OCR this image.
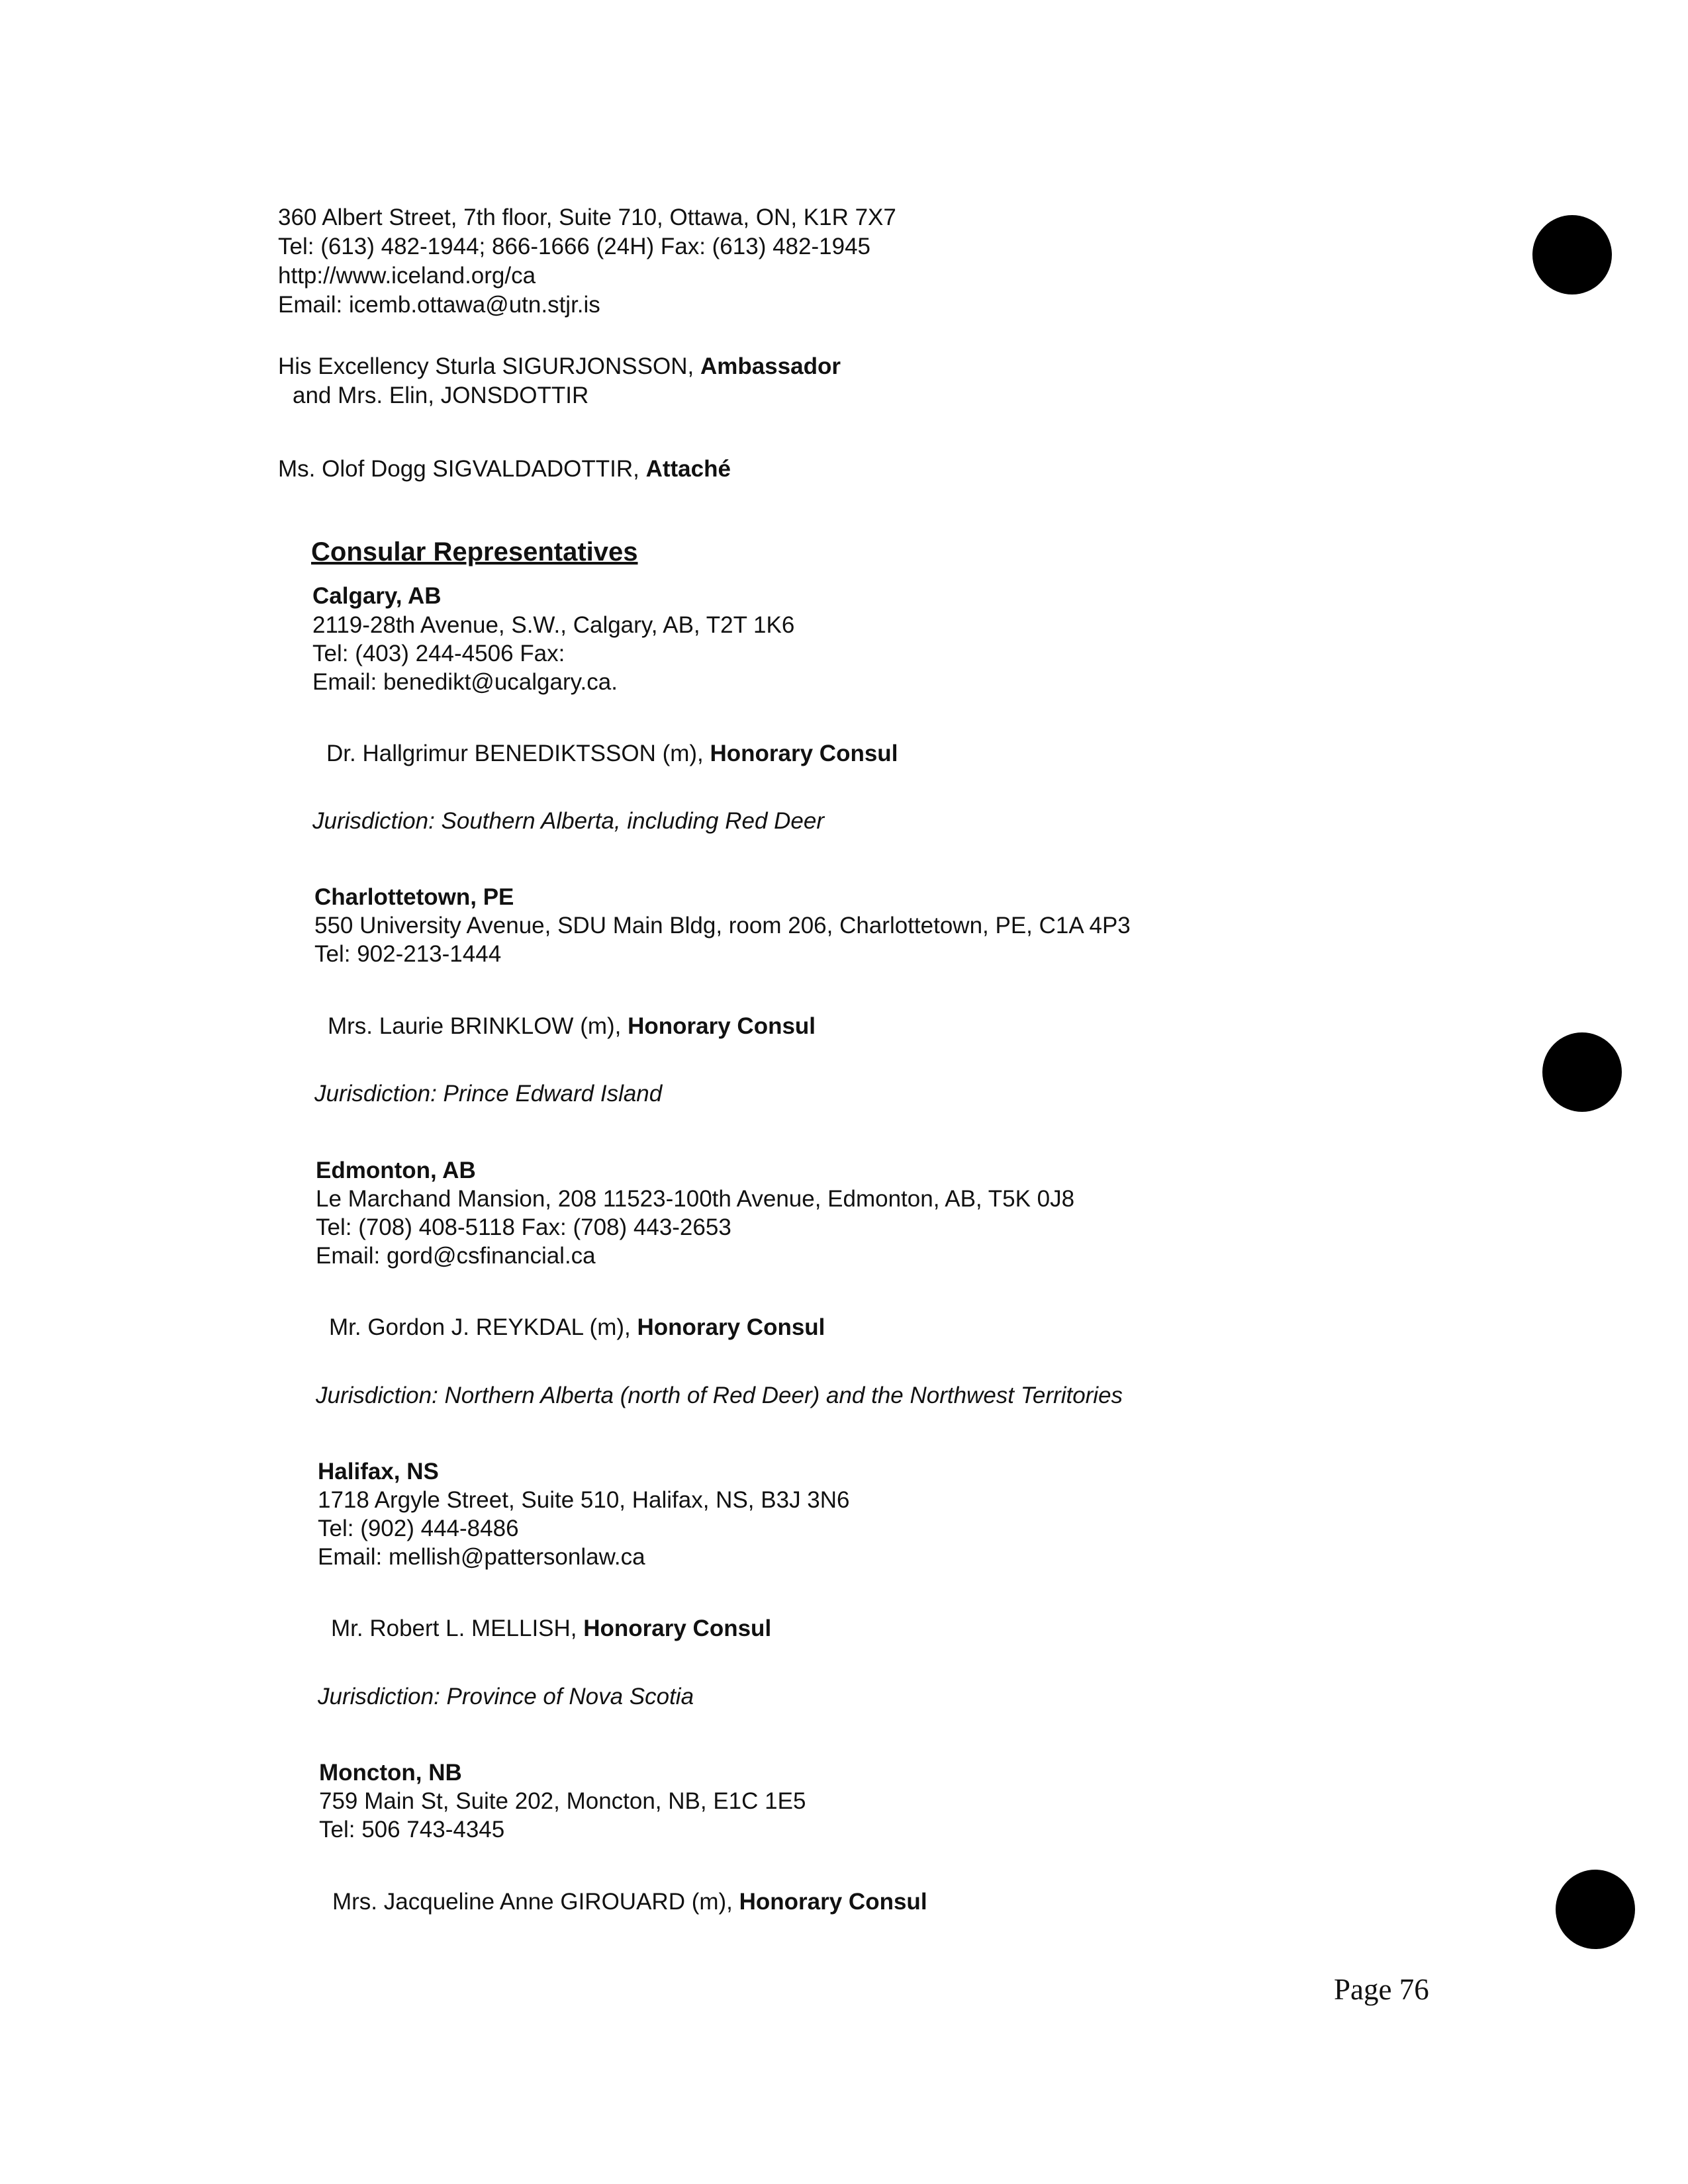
360 Albert Street, 7th floor, Suite 710, Ottawa, ON, K1R 7X7
Tel: (613) 482-1944; 866-1666 (24H) Fax: (613) 482-1945
http://www.iceland.org/ca
Email: icemb.ottawa@utn.stjr.is
His Excellency Sturla SIGURJONSSON, Ambassador
and Mrs. Elin, JONSDOTTIR
Ms. Olof Dogg SIGVALDADOTTIR, Attaché
Consular Representatives
Calgary, AB
2119-28th Avenue, S.W., Calgary, AB, T2T 1K6
Tel: (403) 244-4506 Fax:
Email: benedikt@ucalgary.ca.
Dr. Hallgrimur BENEDIKTSSON (m), Honorary Consul
Jurisdiction: Southern Alberta, including Red Deer
Charlottetown, PE
550 University Avenue, SDU Main Bldg, room 206, Charlottetown, PE, C1A 4P3
Tel: 902-213-1444
Mrs. Laurie BRINKLOW (m), Honorary Consul
Jurisdiction: Prince Edward Island
Edmonton, AB
Le Marchand Mansion, 208 11523-100th Avenue, Edmonton, AB, T5K 0J8
Tel: (708) 408-5118 Fax: (708) 443-2653
Email: gord@csfinancial.ca
Mr. Gordon J. REYKDAL (m), Honorary Consul
Jurisdiction: Northern Alberta (north of Red Deer) and the Northwest Territories
Halifax, NS
1718 Argyle Street, Suite 510, Halifax, NS, B3J 3N6
Tel: (902) 444-8486
Email: mellish@pattersonlaw.ca
Mr. Robert L. MELLISH, Honorary Consul
Jurisdiction: Province of Nova Scotia
Moncton, NB
759 Main St, Suite 202, Moncton, NB, E1C 1E5
Tel: 506 743-4345
Mrs. Jacqueline Anne GIROUARD (m), Honorary Consul
Page 76
